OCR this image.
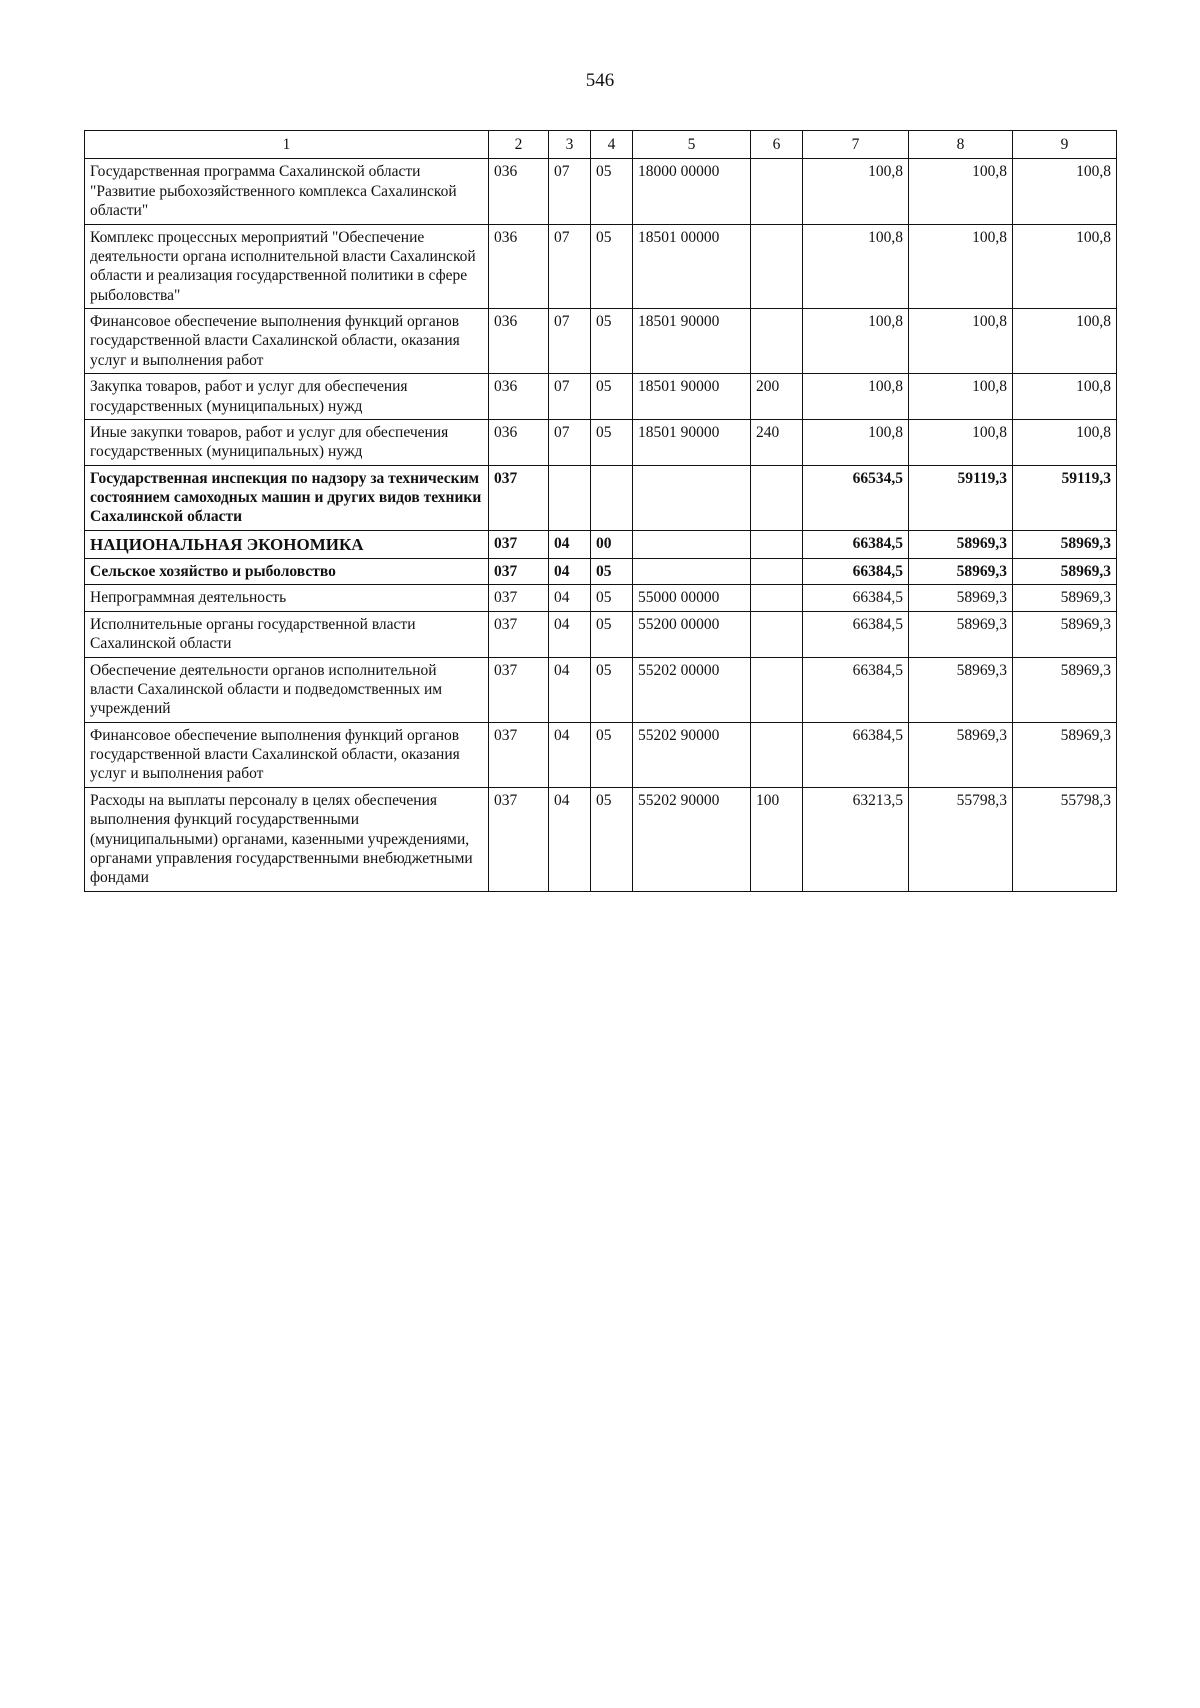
546
1	2	3	4	5	6	7	8	9
Государственная программа Сахалинской области "Развитие рыбохозяйственного комплекса Сахалинской области"	036	07	05	18000 00000		100,8	100,8	100,8
Комплекс процессных мероприятий "Обеспечение деятельности органа исполнительной власти Сахалинской области и реализация государственной политики в сфере рыболовства"	036	07	05	18501 00000		100,8	100,8	100,8
Финансовое обеспечение выполнения функций органов государственной власти Сахалинской области, оказания услуг и выполнения работ	036	07	05	18501 90000		100,8	100,8	100,8
Закупка товаров, работ и услуг для обеспечения государственных (муниципальных) нужд	036	07	05	18501 90000	200	100,8	100,8	100,8
Иные закупки товаров, работ и услуг для обеспечения государственных (муниципальных) нужд	036	07	05	18501 90000	240	100,8	100,8	100,8
Государственная инспекция по надзору за техническим состоянием самоходных машин и других видов техники Сахалинской области	037					66534,5	59119,3	59119,3
НАЦИОНАЛЬНАЯ ЭКОНОМИКА	037	04	00			66384,5	58969,3	58969,3
Сельское хозяйство и рыболовство	037	04	05			66384,5	58969,3	58969,3
Непрограммная деятельность	037	04	05	55000 00000		66384,5	58969,3	58969,3
Исполнительные органы государственной власти Сахалинской области	037	04	05	55200 00000		66384,5	58969,3	58969,3
Обеспечение деятельности органов исполнительной власти Сахалинской области и подведомственных им учреждений	037	04	05	55202 00000		66384,5	58969,3	58969,3
Финансовое обеспечение выполнения функций органов государственной власти Сахалинской области, оказания услуг и выполнения работ	037	04	05	55202 90000		66384,5	58969,3	58969,3
Расходы на выплаты персоналу в целях обеспечения выполнения функций государственными (муниципальными) органами, казенными учреждениями, органами управления государственными внебюджетными фондами	037	04	05	55202 90000	100	63213,5	55798,3	55798,3
